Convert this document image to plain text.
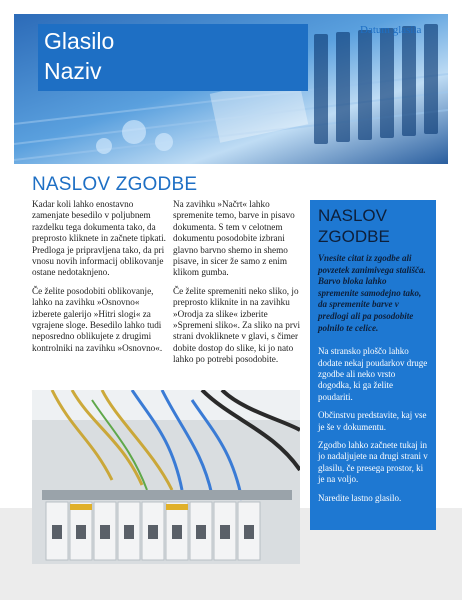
Glasilo
Naziv
Datum glasila
NASLOV ZGODBE

Kadar koli lahko enostavno zamenjate besedilo v poljubnem razdelku tega dokumenta tako, da preprosto kliknete in začnete tipkati. Predloga je pripravljena tako, da pri vnosu novih informacij oblikovanje ostane nedotaknjeno.

Če želite posodobiti oblikovanje, lahko na zavihku »Osnovno« izberete galerijo »Hitri slogi« za vgrajene sloge. Besedilo lahko tudi neposredno oblikujete z drugimi kontrolniki na zavihku »Osnovno«.

Na zavihku »Načrt« lahko spremenite temo, barve in pisavo dokumenta. S tem v celotnem dokumentu posodobite izbrani glavno barvno shemo in shemo pisave, in sicer že samo z enim klikom gumba.

Če želite spremeniti neko sliko, jo preprosto kliknite in na zavihku »Orodja za slike« izberite »Spremeni sliko«. Za sliko na prvi strani dvokliknete v glavi, s čimer dobite dostop do slike, ki jo nato lahko po potrebi posodobite.

NASLOV
ZGODBE
Vnesite citat iz zgodbe ali povzetek zanimivega stališča. Barvo bloka lahko spremenite samodejno tako, da spremenite barve v predlogi ali pa posodobite polnilo te celice.

Na stransko ploščo lahko dodate nekaj poudarkov druge zgodbe ali neko vrsto dogodka, ki ga želite poudariti.

Občinstvu predstavite, kaj vse je še v dokumentu.

Zgodbo lahko začnete tukaj in jo nadaljujete na drugi strani v glasilu, če presega prostor, ki je na voljo.

Naredite lastno glasilo.
